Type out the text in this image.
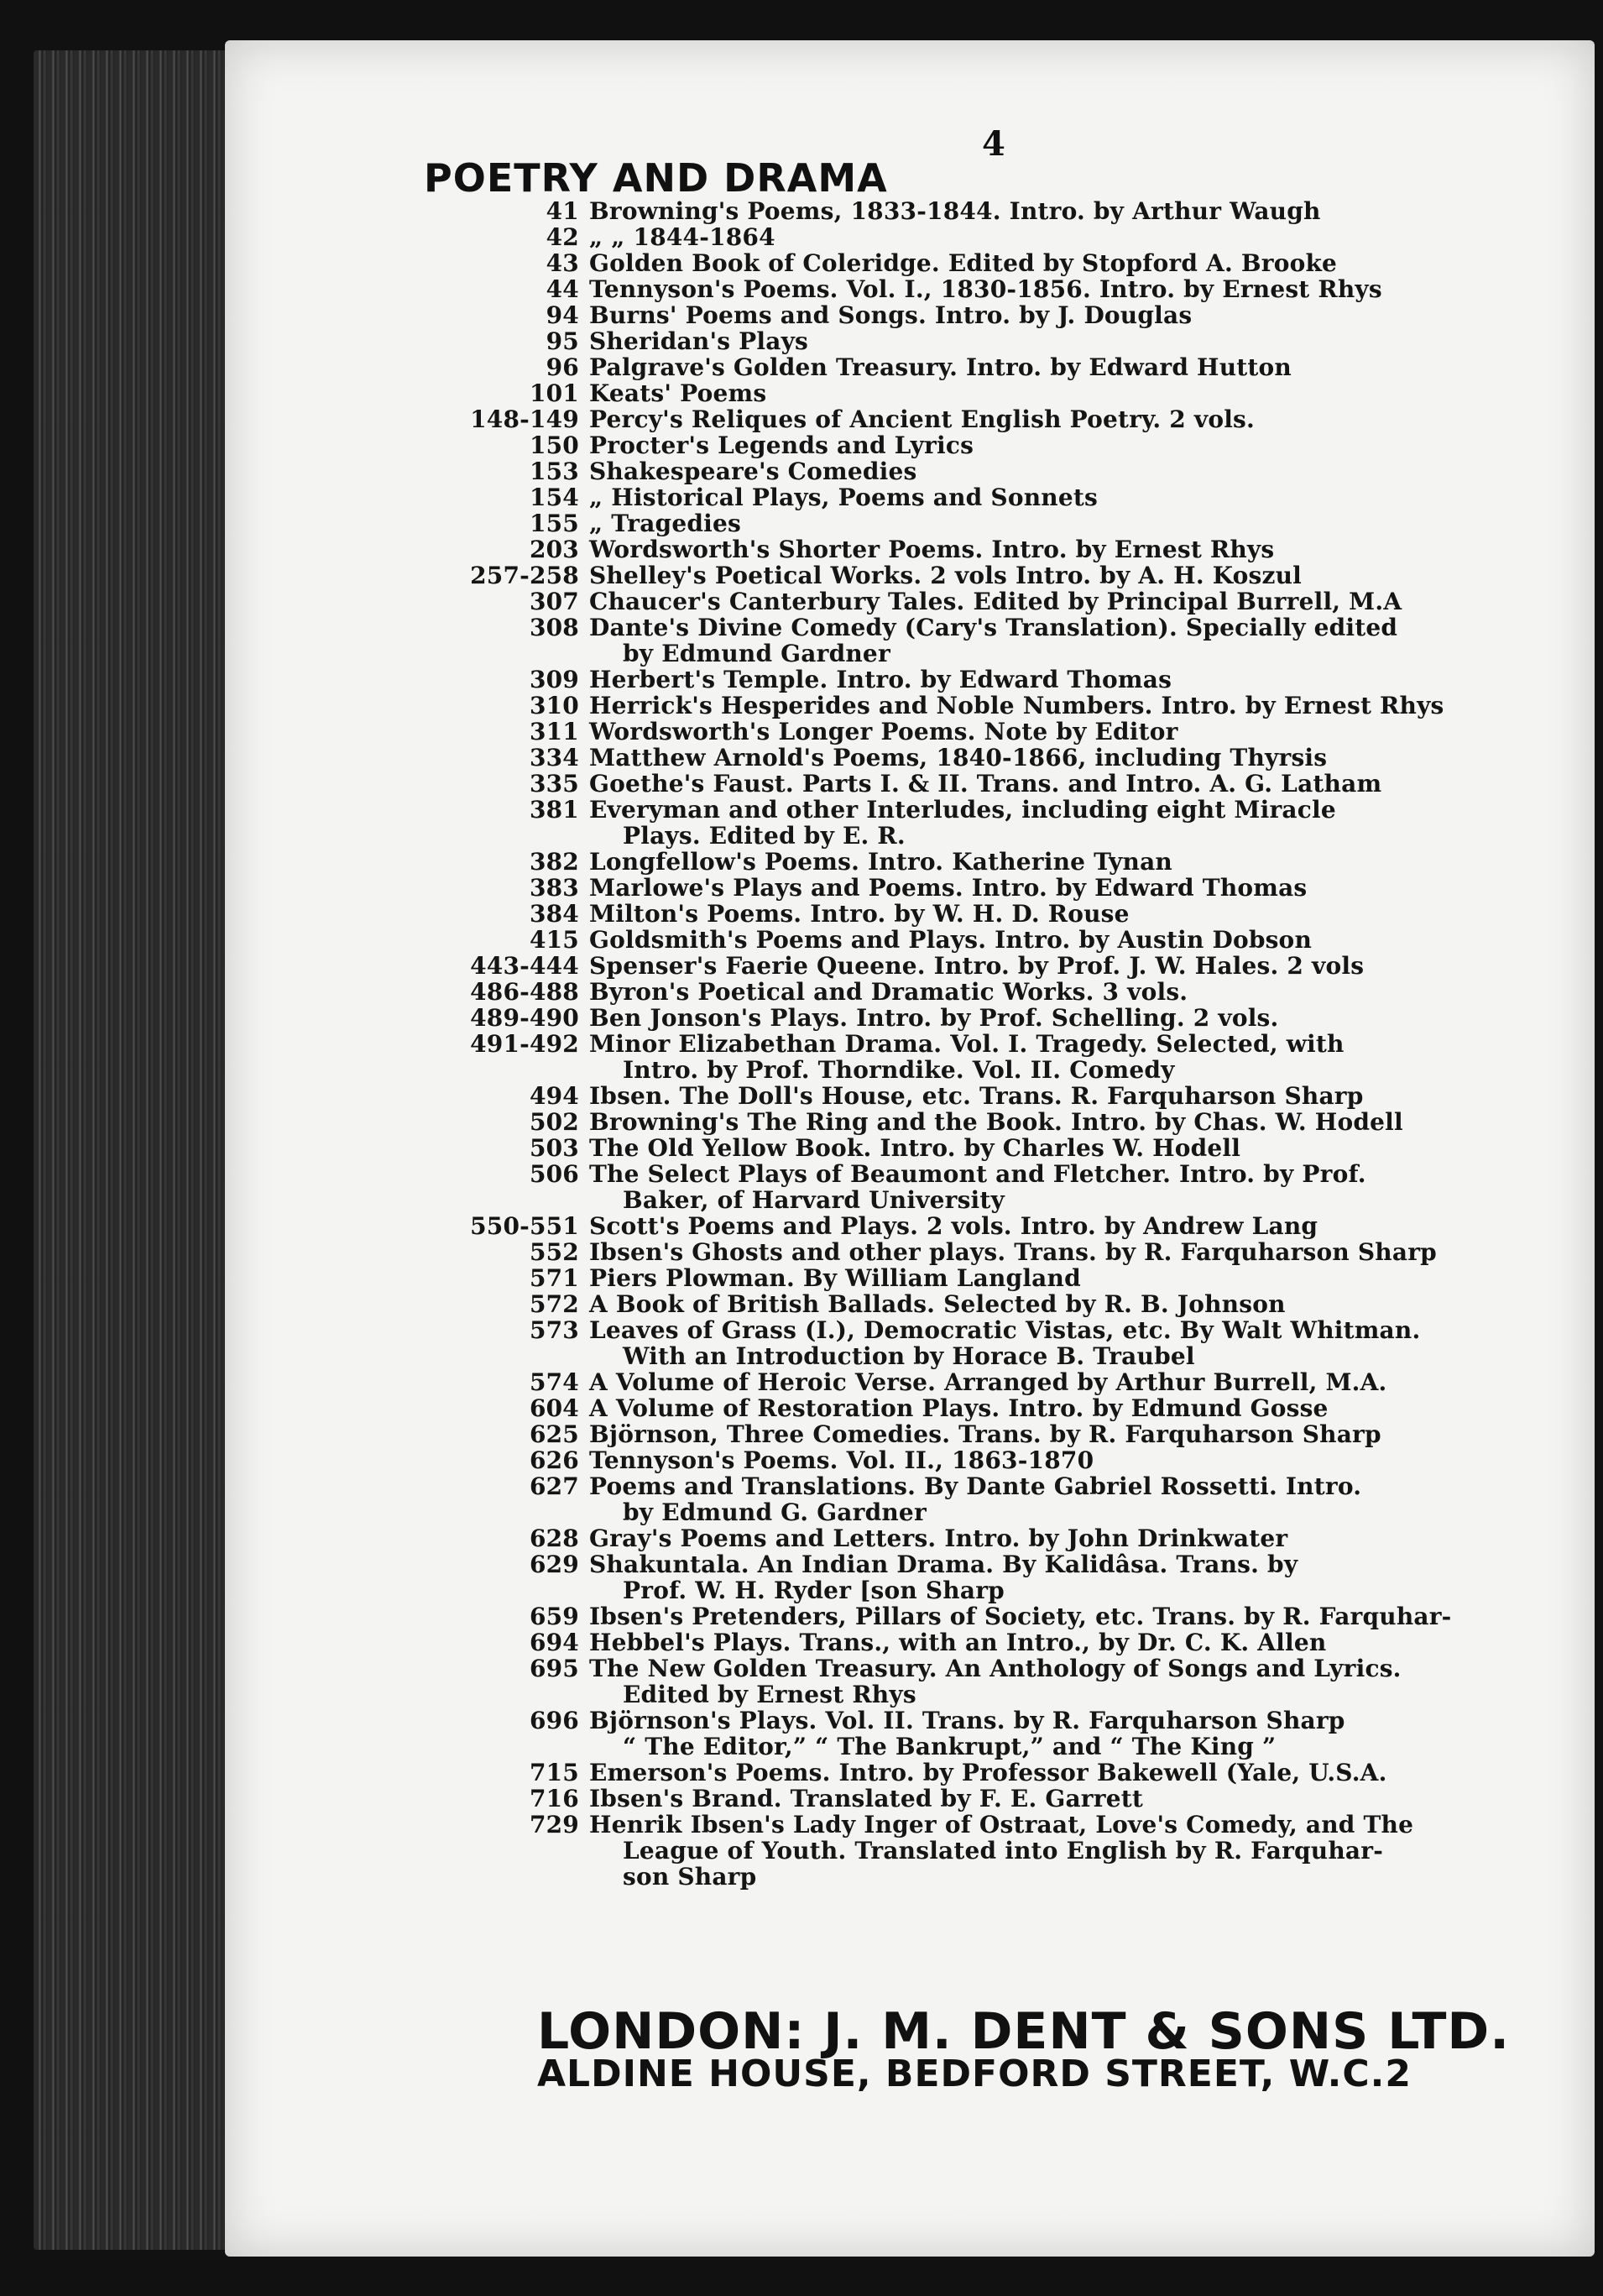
4
POETRY AND DRAMA
41 Browning's Poems, 1833-1844. Intro. by Arthur Waugh
42 „ „ 1844-1864
43 Golden Book of Coleridge. Edited by Stopford A. Brooke
44 Tennyson's Poems. Vol. I., 1830-1856. Intro. by Ernest Rhys
94 Burns' Poems and Songs. Intro. by J. Douglas
95 Sheridan's Plays
96 Palgrave's Golden Treasury. Intro. by Edward Hutton
101 Keats' Poems
148-149 Percy's Reliques of Ancient English Poetry. 2 vols.
150 Procter's Legends and Lyrics
153 Shakespeare's Comedies
154 „ Historical Plays, Poems and Sonnets
155 „ Tragedies
203 Wordsworth's Shorter Poems. Intro. by Ernest Rhys
257-258 Shelley's Poetical Works. 2 vols Intro. by A. H. Koszul
307 Chaucer's Canterbury Tales. Edited by Principal Burrell, M.A
308 Dante's Divine Comedy (Cary's Translation). Specially edited
by Edmund Gardner
309 Herbert's Temple. Intro. by Edward Thomas
310 Herrick's Hesperides and Noble Numbers. Intro. by Ernest Rhys
311 Wordsworth's Longer Poems. Note by Editor
334 Matthew Arnold's Poems, 1840-1866, including Thyrsis
335 Goethe's Faust. Parts I. & II. Trans. and Intro. A. G. Latham
381 Everyman and other Interludes, including eight Miracle
Plays. Edited by E. R.
382 Longfellow's Poems. Intro. Katherine Tynan
383 Marlowe's Plays and Poems. Intro. by Edward Thomas
384 Milton's Poems. Intro. by W. H. D. Rouse
415 Goldsmith's Poems and Plays. Intro. by Austin Dobson
443-444 Spenser's Faerie Queene. Intro. by Prof. J. W. Hales. 2 vols
486-488 Byron's Poetical and Dramatic Works. 3 vols.
489-490 Ben Jonson's Plays. Intro. by Prof. Schelling. 2 vols.
491-492 Minor Elizabethan Drama. Vol. I. Tragedy. Selected, with
Intro. by Prof. Thorndike. Vol. II. Comedy
494 Ibsen. The Doll's House, etc. Trans. R. Farquharson Sharp
502 Browning's The Ring and the Book. Intro. by Chas. W. Hodell
503 The Old Yellow Book. Intro. by Charles W. Hodell
506 The Select Plays of Beaumont and Fletcher. Intro. by Prof.
Baker, of Harvard University
550-551 Scott's Poems and Plays. 2 vols. Intro. by Andrew Lang
552 Ibsen's Ghosts and other plays. Trans. by R. Farquharson Sharp
571 Piers Plowman. By William Langland
572 A Book of British Ballads. Selected by R. B. Johnson
573 Leaves of Grass (I.), Democratic Vistas, etc. By Walt Whitman.
With an Introduction by Horace B. Traubel
574 A Volume of Heroic Verse. Arranged by Arthur Burrell, M.A.
604 A Volume of Restoration Plays. Intro. by Edmund Gosse
625 Björnson, Three Comedies. Trans. by R. Farquharson Sharp
626 Tennyson's Poems. Vol. II., 1863-1870
627 Poems and Translations. By Dante Gabriel Rossetti. Intro.
by Edmund G. Gardner
628 Gray's Poems and Letters. Intro. by John Drinkwater
629 Shakuntala. An Indian Drama. By Kalidâsa. Trans. by
Prof. W. H. Ryder [son Sharp
659 Ibsen's Pretenders, Pillars of Society, etc. Trans. by R. Farquhar-
694 Hebbel's Plays. Trans., with an Intro., by Dr. C. K. Allen
695 The New Golden Treasury. An Anthology of Songs and Lyrics.
Edited by Ernest Rhys
696 Björnson's Plays. Vol. II. Trans. by R. Farquharson Sharp
“ The Editor,” “ The Bankrupt,” and “ The King ”
715 Emerson's Poems. Intro. by Professor Bakewell (Yale, U.S.A.
716 Ibsen's Brand. Translated by F. E. Garrett
729 Henrik Ibsen's Lady Inger of Ostraat, Love's Comedy, and The
League of Youth. Translated into English by R. Farquhar-
son Sharp
LONDON: J. M. DENT & SONS LTD.
ALDINE HOUSE, BEDFORD STREET, W.C.2
